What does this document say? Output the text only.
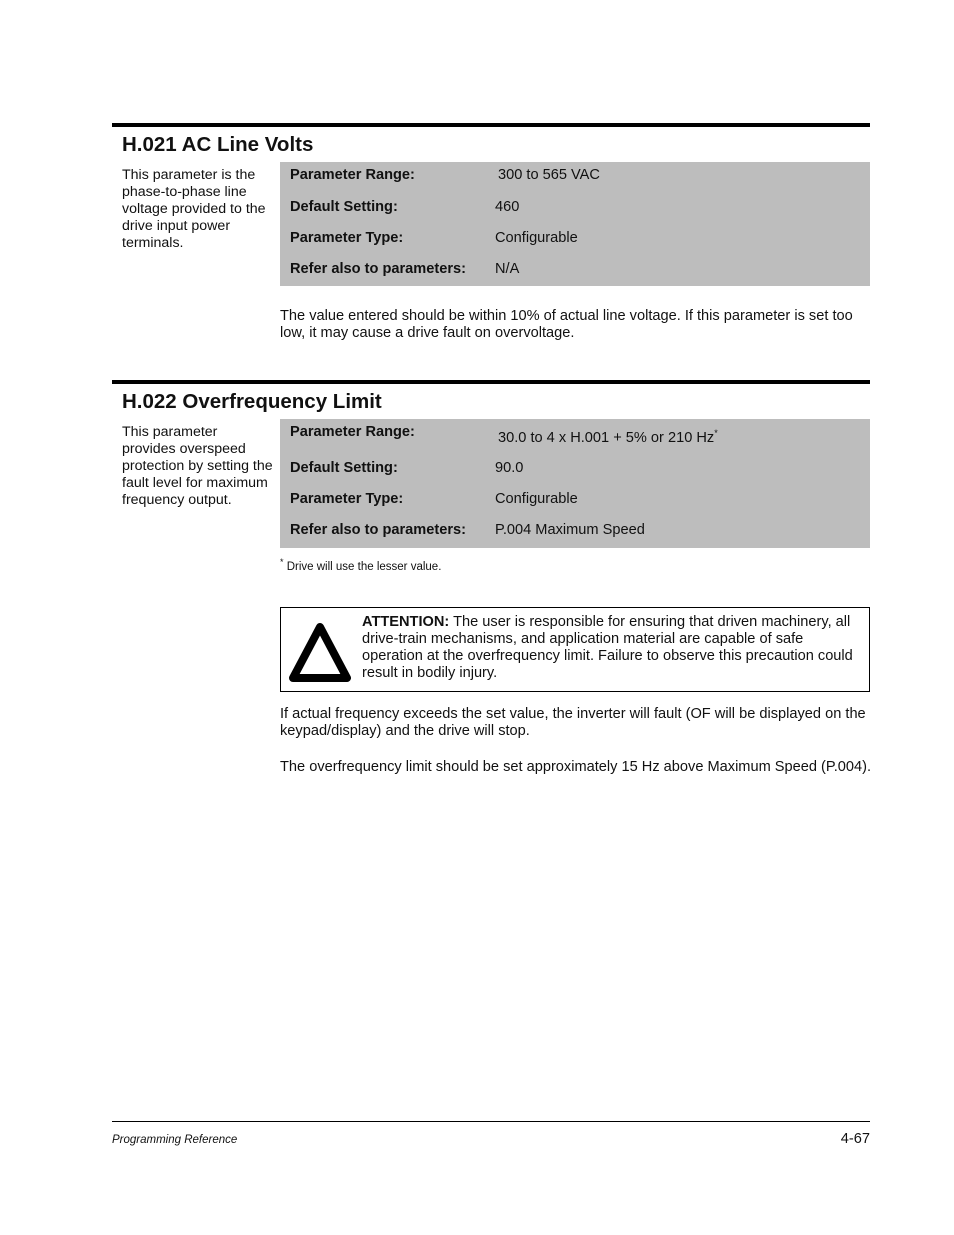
H.021 AC Line Volts
This parameter is the phase-to-phase line voltage provided to the drive input power terminals.
Parameter Range:	300 to 565 VAC
Default Setting:	460
Parameter Type:	Configurable
Refer also to parameters: N/A
The value entered should be within 10% of actual line voltage. If this parameter is set too low, it may cause a drive fault on overvoltage.
H.022 Overfrequency Limit
This parameter provides overspeed protection by setting the fault level for maximum frequency output.
Parameter Range:	30.0 to 4 x H.001 + 5% or 210 Hz*
Default Setting:	90.0
Parameter Type:	Configurable
Refer also to parameters: P.004 Maximum Speed
* Drive will use the lesser value.
ATTENTION: The user is responsible for ensuring that driven machinery, all drive-train mechanisms, and application material are capable of safe operation at the overfrequency limit. Failure to observe this precaution could result in bodily injury.
If actual frequency exceeds the set value, the inverter will fault (OF will be displayed on the keypad/display) and the drive will stop.
The overfrequency limit should be set approximately 15 Hz above Maximum Speed (P.004).
Programming Reference	4-67
